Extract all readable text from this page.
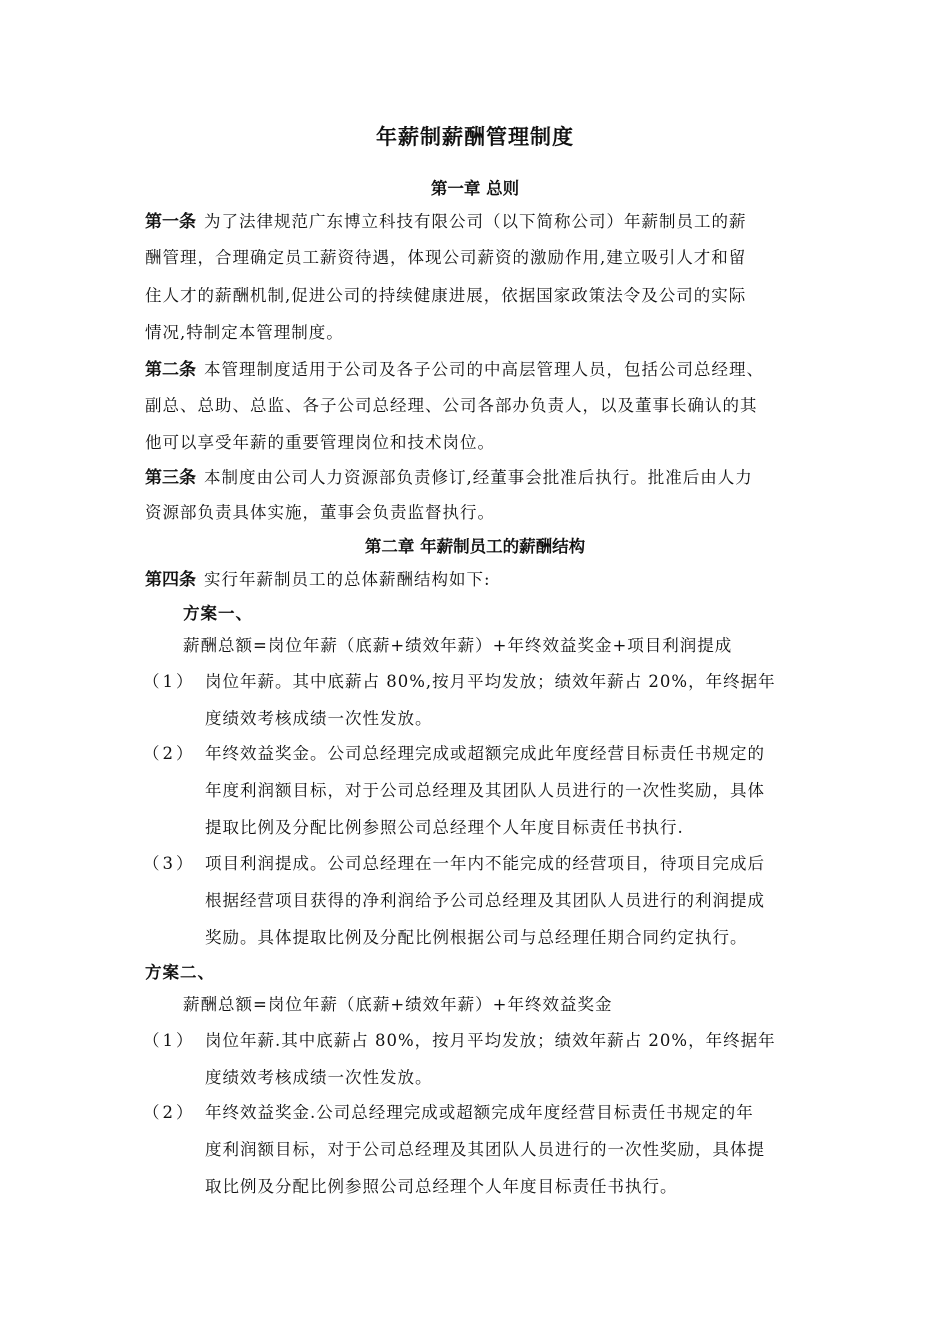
年薪制薪酬管理制度
第一章 总则
第一条 为了法律规范广东博立科技有限公司（以下简称公司）年薪制员工的薪
酬管理，合理确定员工薪资待遇，体现公司薪资的激励作用,建立吸引人才和留
住人才的薪酬机制,促进公司的持续健康进展，依据国家政策法令及公司的实际
情况,特制定本管理制度。
第二条 本管理制度适用于公司及各子公司的中高层管理人员，包括公司总经理、
副总、总助、总监、各子公司总经理、公司各部办负责人，以及董事长确认的其
他可以享受年薪的重要管理岗位和技术岗位。
第三条 本制度由公司人力资源部负责修订,经董事会批准后执行。批准后由人力
资源部负责具体实施，董事会负责监督执行。
第二章 年薪制员工的薪酬结构
第四条 实行年薪制员工的总体薪酬结构如下:
方案一、
薪酬总额=岗位年薪（底薪+绩效年薪）+年终效益奖金+项目利润提成
（1） 岗位年薪。其中底薪占 80%,按月平均发放；绩效年薪占 20%，年终据年
度绩效考核成绩一次性发放。
（2） 年终效益奖金。公司总经理完成或超额完成此年度经营目标责任书规定的
年度利润额目标，对于公司总经理及其团队人员进行的一次性奖励，具体
提取比例及分配比例参照公司总经理个人年度目标责任书执行.
（3） 项目利润提成。公司总经理在一年内不能完成的经营项目，待项目完成后
根据经营项目获得的净利润给予公司总经理及其团队人员进行的利润提成
奖励。具体提取比例及分配比例根据公司与总经理任期合同约定执行。
方案二、
薪酬总额=岗位年薪（底薪+绩效年薪）+年终效益奖金
（1） 岗位年薪.其中底薪占 80%，按月平均发放；绩效年薪占 20%，年终据年
度绩效考核成绩一次性发放。
（2） 年终效益奖金.公司总经理完成或超额完成年度经营目标责任书规定的年
度利润额目标，对于公司总经理及其团队人员进行的一次性奖励，具体提
取比例及分配比例参照公司总经理个人年度目标责任书执行。
